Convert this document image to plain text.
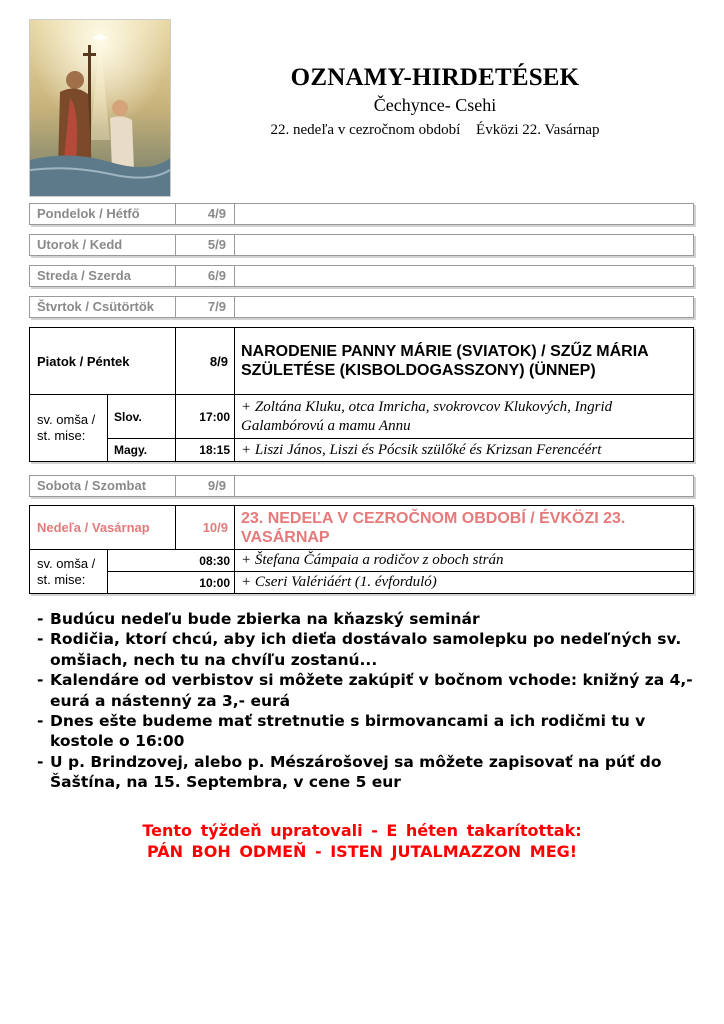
OZNAMY-HIRDETÉSEK
Čechynce- Csehi
22. nedeľa v cezročnom období Évközi 22. Vasárnap
Pondelok / Hétfő	4/9
Utorok / Kedd	5/9
Streda / Szerda	6/9
Štvrtok / Csütörtök	7/9
Piatok / Péntek		8/9	NARODENIE PANNY MÁRIE (SVIATOK) / SZŰZ MÁRIA SZÜLETÉSE (KISBOLDOGASSZONY) (ÜNNEP)
sv. omša / st. mise:	Slov.	17:00	+ Zoltána Kluku, otca Imricha, svokrovcov Klukových, Ingrid Galambórovú a mamu Annu
	Magy.	18:15	+ Liszi János, Liszi és Pócsik szülőké és Krizsan Ferencéért
Sobota / Szombat	9/9
Nedeľa / Vasárnap		10/9	23. NEDEĽA V CEZROČNOM OBDOBÍ / ÉVKÖZI 23. VASÁRNAP
sv. omša / st. mise:	08:30		+ Štefana Čámpaia a rodičov z oboch strán
	10:00		+ Cseri Valériáért (1. évforduló)
- Budúcu nedeľu bude zbierka na kňazský seminár
- Rodičia, ktorí chcú, aby ich dieťa dostávalo samolepku po nedeľných sv. omšiach, nech tu na chvíľu zostanú...
- Kalendáre od verbistov si môžete zakúpiť v bočnom vchode: knižný za 4,- eurá a nástenný za 3,- eurá
- Dnes ešte budeme mať stretnutie s birmovancami a ich rodičmi tu v kostole o 16:00
- U p. Brindzovej, alebo p. Mészárošovej sa môžete zapisovať na púť do Šaštína, na 15. Septembra, v cene 5 eur
Tento týždeň upratovali - E héten takarítottak:
PÁN BOH ODMEŇ - ISTEN JUTALMAZZON MEG!
